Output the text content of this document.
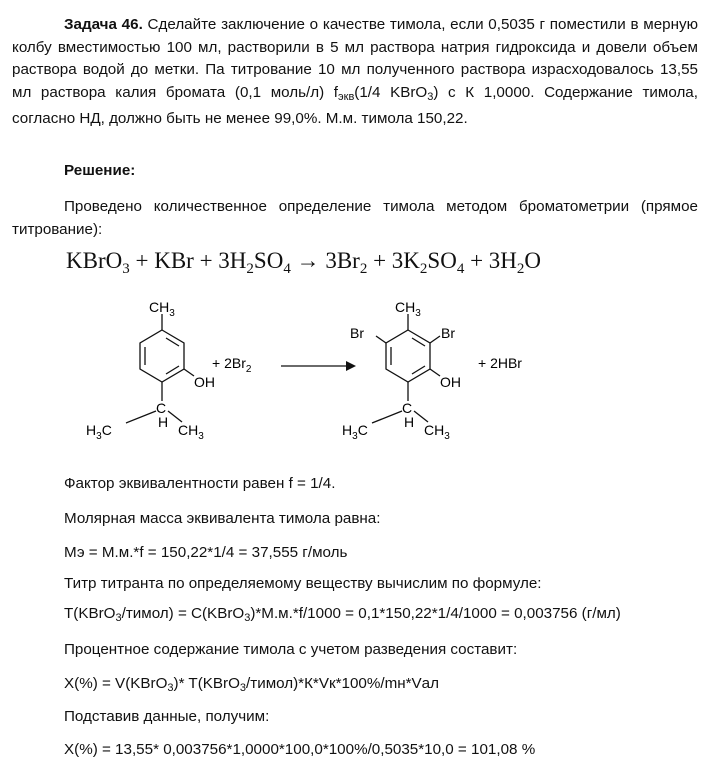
Задача 46. Сделайте заключение о качестве тимола, если 0,5035 г поместили в мерную колбу вместимостью 100 мл, растворили в 5 мл раствора натрия гидроксида и довели объем раствора водой до метки. Па титрование 10 мл полученного раствора израсходовалось 13,55 мл раствора калия бромата (0,1 моль/л) $f_{экв}(1/4$ KBrO$_3$) с К 1,0000. Содержание тимола, согласно НД, должно быть не менее 99,0%. М.м. тимола 150,22.
Решение:
Проведено количественное определение тимола методом броматометрии (прямое титрование):
KBrO$_3$ + KBr + $3H_2SO_4 \to 3Br_2 + 3K_2SO_4 + 3H_2O$
$CH_3$
OH
C
H
$H_3C$	$CH_3$
+ $2Br_2$
$CH_3$
Br	Br
OH
C
H
$H_3C$	$CH_3$
+ 2HBr
Фактор эквивалентности равен f = 1/4.
Молярная масса эквивалента тимола равна:
Мэ = М.м.*f = 150,22*1/4 = 37,555 г/моль
Титр титранта по определяемому веществу вычислим по формуле:
T(KBrO$_3$/тимол) = C(KBrO$_3$)*М.м.*f/1000 = 0,1*150,22*1/4/1000 = 0,003756 (г/мл)
Процентное содержание тимола с учетом разведения составит:
X(%) = V(KBrO$_3$)* T(KBrO$_3$/тимол)*К*Vк*100%/mн*Vал
Подставив данные, получим:
X(%) = 13,55* 0,003756*1,0000*100,0*100%/0,5035*10,0 = 101,08 %
